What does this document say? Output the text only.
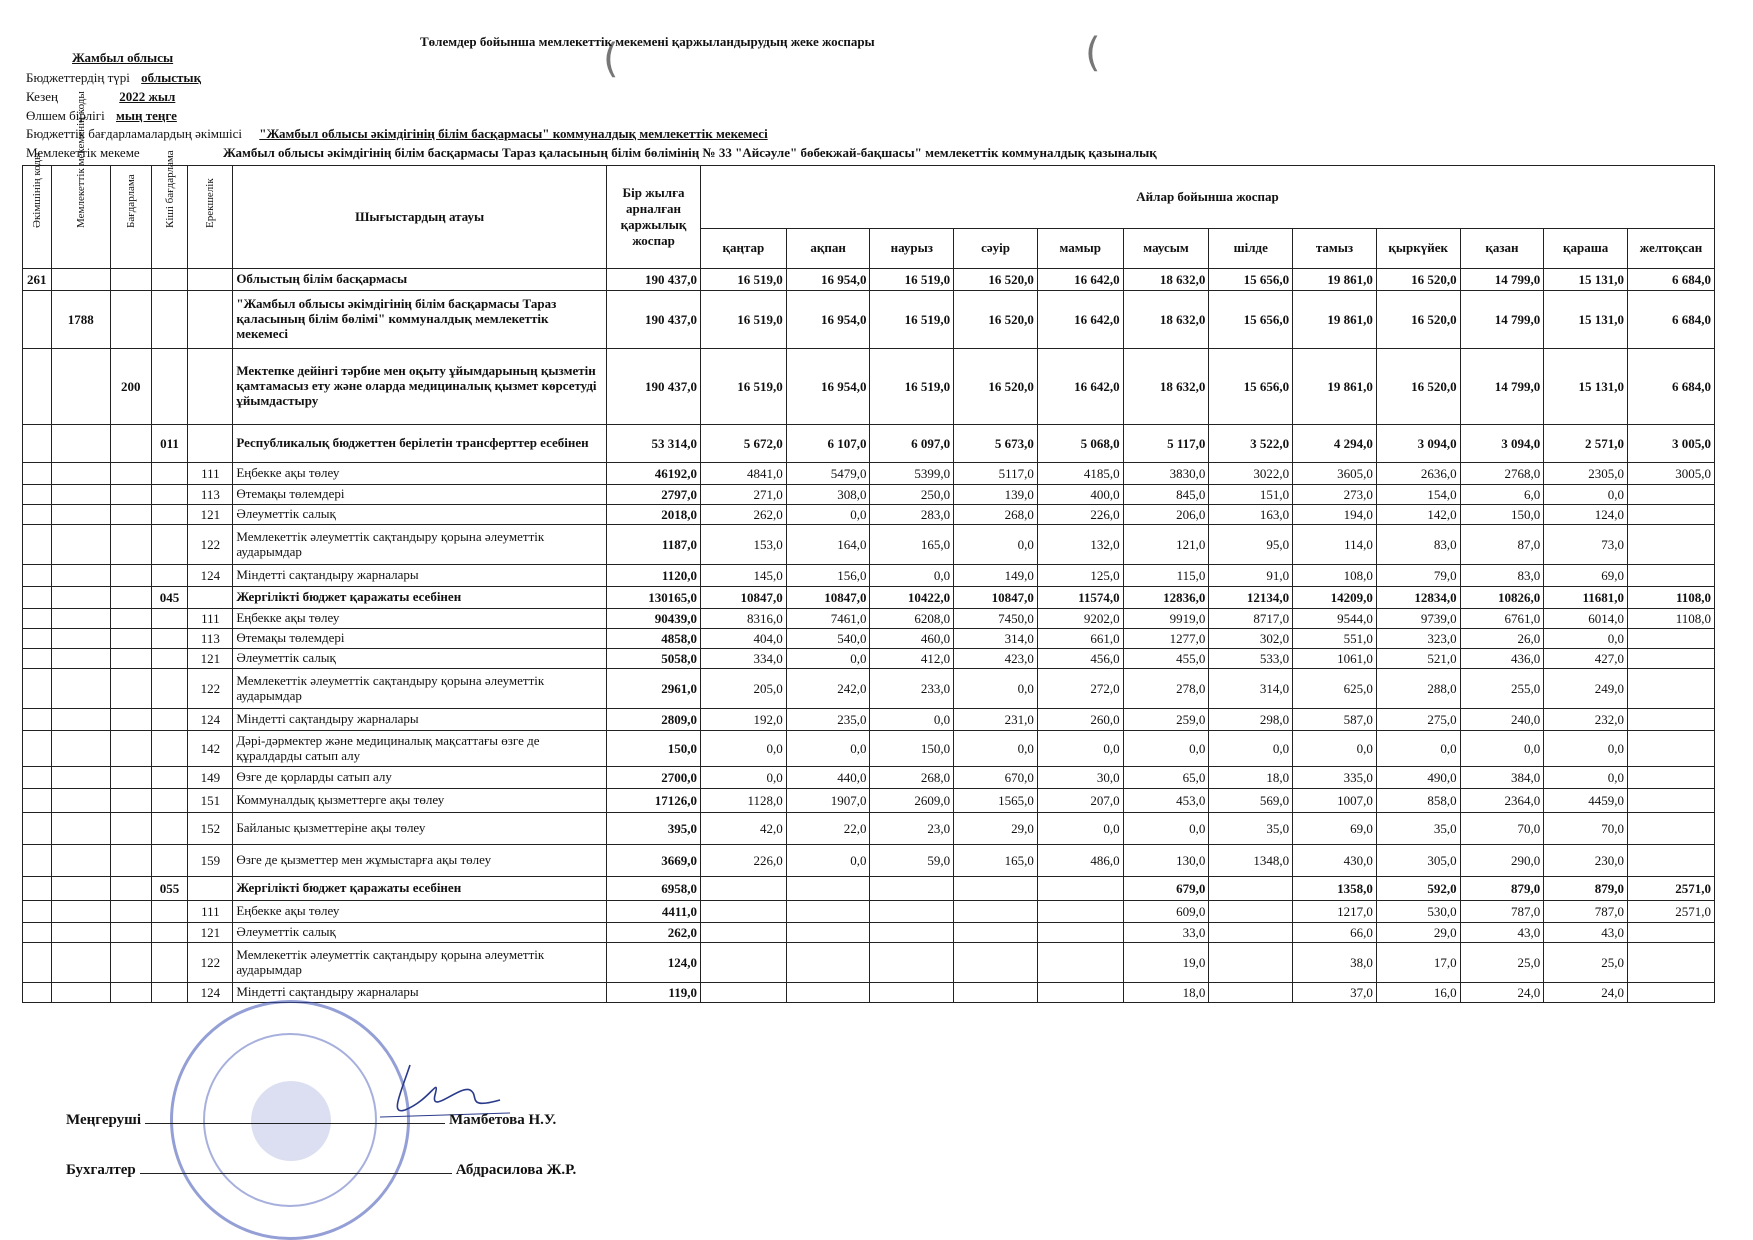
(	(
Төлемдер бойынша мемлекеттік мекемені қаржыландырудың жеке жоспары
Жамбыл облысы
Бюджеттердің түрі облыстық
Кезең	2022 жыл
Өлшем бірлігі мың теңге
Бюджеттік бағдарламалардың әкімшісі "Жамбыл облысы әкімдігінің білім басқармасы" коммуналдық мемлекеттік мекемесі
Мемлекеттік мекеме	Жамбыл облысы әкімдігінің білім басқармасы Тараз қаласының білім бөлімінің № 33 "Айсәуле" бөбекжай-бақшасы" мемлекеттік коммуналдық қазыналық
Әкімшінің коды	Мемлекеттік мекеменің коды	Бағдарлама	Кіші бағдарлама	Ерекшелік	Шығыстардың атауы	Бір жылға арналған қаржылық жоспар	Айлар бойынша жоспар											
							қаңтар	ақпан	наурыз	сәуір	мамыр	маусым	шілде	тамыз	қыркүйек	қазан	қараша	желтоқсан
261					Облыстың білім басқармасы	190 437,0	16 519,0	16 954,0	16 519,0	16 520,0	16 642,0	18 632,0	15 656,0	19 861,0	16 520,0	14 799,0	15 131,0	6 684,0
	1788				"Жамбыл облысы әкімдігінің білім басқармасы Тараз қаласының білім бөлімі" коммуналдық мемлекеттік мекемесі	190 437,0	16 519,0	16 954,0	16 519,0	16 520,0	16 642,0	18 632,0	15 656,0	19 861,0	16 520,0	14 799,0	15 131,0	6 684,0
		200			Мектепке дейінгі тәрбие мен оқыту ұйымдарының қызметін қамтамасыз ету және оларда медициналық қызмет көрсетуді ұйымдастыру	190 437,0	16 519,0	16 954,0	16 519,0	16 520,0	16 642,0	18 632,0	15 656,0	19 861,0	16 520,0	14 799,0	15 131,0	6 684,0
			011		Республикалық бюджеттен берілетін трансферттер есебінен	53 314,0	5 672,0	6 107,0	6 097,0	5 673,0	5 068,0	5 117,0	3 522,0	4 294,0	3 094,0	3 094,0	2 571,0	3 005,0
				111	Еңбекке ақы төлеу	46192,0	4841,0	5479,0	5399,0	5117,0	4185,0	3830,0	3022,0	3605,0	2636,0	2768,0	2305,0	3005,0
				113	Өтемақы төлемдері	2797,0	271,0	308,0	250,0	139,0	400,0	845,0	151,0	273,0	154,0	6,0	0,0	
				121	Әлеуметтік салық	2018,0	262,0	0,0	283,0	268,0	226,0	206,0	163,0	194,0	142,0	150,0	124,0	
				122	Мемлекеттік әлеуметтік сақтандыру қорына әлеуметтік аударымдар	1187,0	153,0	164,0	165,0	0,0	132,0	121,0	95,0	114,0	83,0	87,0	73,0	
				124	Міндетті сақтандыру жарналары	1120,0	145,0	156,0	0,0	149,0	125,0	115,0	91,0	108,0	79,0	83,0	69,0	
			045		Жергілікті бюджет қаражаты есебінен	130165,0	10847,0	10847,0	10422,0	10847,0	11574,0	12836,0	12134,0	14209,0	12834,0	10826,0	11681,0	1108,0
				111	Еңбекке ақы төлеу	90439,0	8316,0	7461,0	6208,0	7450,0	9202,0	9919,0	8717,0	9544,0	9739,0	6761,0	6014,0	1108,0
				113	Өтемақы төлемдері	4858,0	404,0	540,0	460,0	314,0	661,0	1277,0	302,0	551,0	323,0	26,0	0,0	
				121	Әлеуметтік салық	5058,0	334,0	0,0	412,0	423,0	456,0	455,0	533,0	1061,0	521,0	436,0	427,0	
				122	Мемлекеттік әлеуметтік сақтандыру қорына әлеуметтік аударымдар	2961,0	205,0	242,0	233,0	0,0	272,0	278,0	314,0	625,0	288,0	255,0	249,0	
				124	Міндетті сақтандыру жарналары	2809,0	192,0	235,0	0,0	231,0	260,0	259,0	298,0	587,0	275,0	240,0	232,0	
				142	Дәрі-дәрмектер және медициналық мақсаттағы өзге де құралдарды сатып алу	150,0	0,0	0,0	150,0	0,0	0,0	0,0	0,0	0,0	0,0	0,0	0,0	
				149	Өзге де қорларды сатып алу	2700,0	0,0	440,0	268,0	670,0	30,0	65,0	18,0	335,0	490,0	384,0	0,0	
				151	Коммуналдық қызметтерге ақы төлеу	17126,0	1128,0	1907,0	2609,0	1565,0	207,0	453,0	569,0	1007,0	858,0	2364,0	4459,0	
				152	Байланыс қызметтеріне ақы төлеу	395,0	42,0	22,0	23,0	29,0	0,0	0,0	35,0	69,0	35,0	70,0	70,0	
				159	Өзге де қызметтер мен жұмыстарға ақы төлеу	3669,0	226,0	0,0	59,0	165,0	486,0	130,0	1348,0	430,0	305,0	290,0	230,0	
			055		Жергілікті бюджет қаражаты есебінен	6958,0						679,0		1358,0	592,0	879,0	879,0	2571,0
				111	Еңбекке ақы төлеу	4411,0						609,0		1217,0	530,0	787,0	787,0	2571,0
				121	Әлеуметтік салық	262,0						33,0		66,0	29,0	43,0	43,0	
				122	Мемлекеттік әлеуметтік сақтандыру қорына әлеуметтік аударымдар	124,0						19,0		38,0	17,0	25,0	25,0	
				124	Міндетті сақтандыру жарналары	119,0						18,0		37,0	16,0	24,0	24,0	
Меңгеруші	Мамбетова Н.У.
Бухгалтер	Абдрасилова Ж.Р.
